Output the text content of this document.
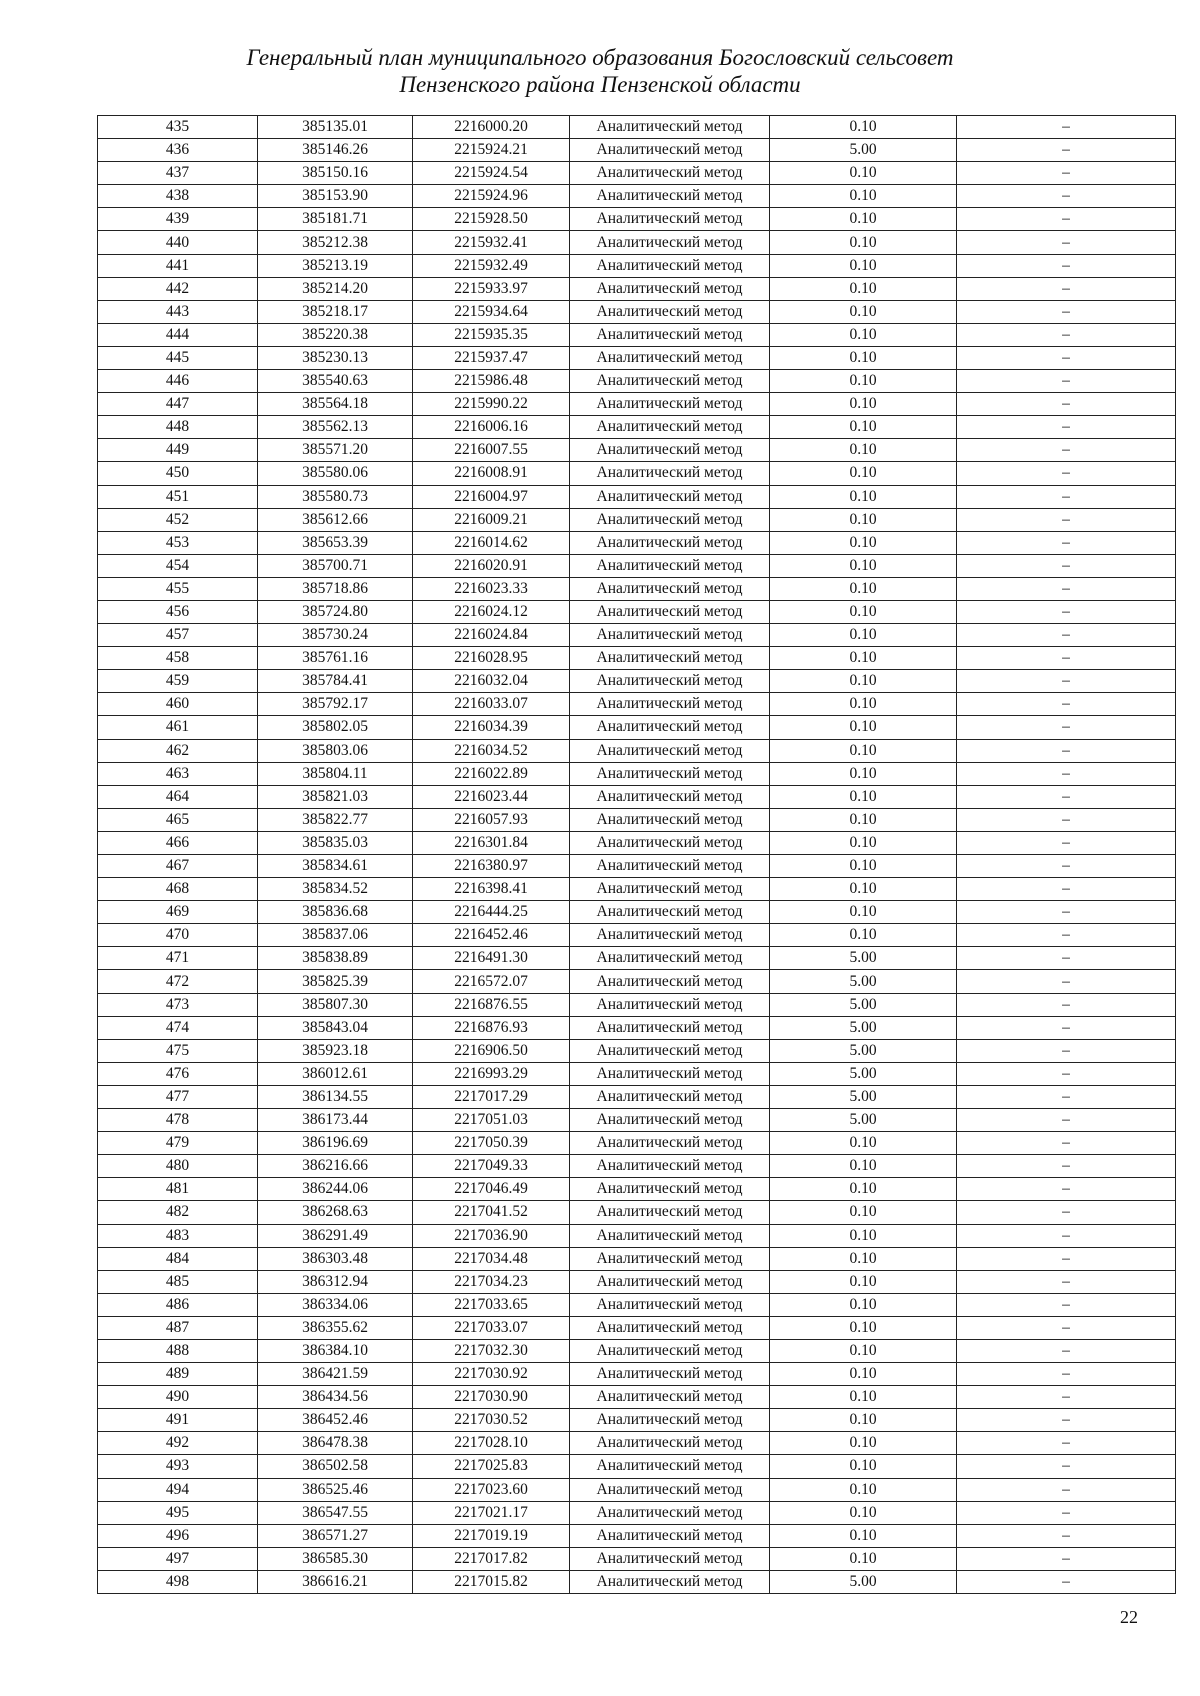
Генеральный план муниципального образования Богословский сельсовет
Пензенского района Пензенской области
435	385135.01	2216000.20	Аналитический метод	0.10	–
436	385146.26	2215924.21	Аналитический метод	5.00	–
437	385150.16	2215924.54	Аналитический метод	0.10	–
438	385153.90	2215924.96	Аналитический метод	0.10	–
439	385181.71	2215928.50	Аналитический метод	0.10	–
440	385212.38	2215932.41	Аналитический метод	0.10	–
441	385213.19	2215932.49	Аналитический метод	0.10	–
442	385214.20	2215933.97	Аналитический метод	0.10	–
443	385218.17	2215934.64	Аналитический метод	0.10	–
444	385220.38	2215935.35	Аналитический метод	0.10	–
445	385230.13	2215937.47	Аналитический метод	0.10	–
446	385540.63	2215986.48	Аналитический метод	0.10	–
447	385564.18	2215990.22	Аналитический метод	0.10	–
448	385562.13	2216006.16	Аналитический метод	0.10	–
449	385571.20	2216007.55	Аналитический метод	0.10	–
450	385580.06	2216008.91	Аналитический метод	0.10	–
451	385580.73	2216004.97	Аналитический метод	0.10	–
452	385612.66	2216009.21	Аналитический метод	0.10	–
453	385653.39	2216014.62	Аналитический метод	0.10	–
454	385700.71	2216020.91	Аналитический метод	0.10	–
455	385718.86	2216023.33	Аналитический метод	0.10	–
456	385724.80	2216024.12	Аналитический метод	0.10	–
457	385730.24	2216024.84	Аналитический метод	0.10	–
458	385761.16	2216028.95	Аналитический метод	0.10	–
459	385784.41	2216032.04	Аналитический метод	0.10	–
460	385792.17	2216033.07	Аналитический метод	0.10	–
461	385802.05	2216034.39	Аналитический метод	0.10	–
462	385803.06	2216034.52	Аналитический метод	0.10	–
463	385804.11	2216022.89	Аналитический метод	0.10	–
464	385821.03	2216023.44	Аналитический метод	0.10	–
465	385822.77	2216057.93	Аналитический метод	0.10	–
466	385835.03	2216301.84	Аналитический метод	0.10	–
467	385834.61	2216380.97	Аналитический метод	0.10	–
468	385834.52	2216398.41	Аналитический метод	0.10	–
469	385836.68	2216444.25	Аналитический метод	0.10	–
470	385837.06	2216452.46	Аналитический метод	0.10	–
471	385838.89	2216491.30	Аналитический метод	5.00	–
472	385825.39	2216572.07	Аналитический метод	5.00	–
473	385807.30	2216876.55	Аналитический метод	5.00	–
474	385843.04	2216876.93	Аналитический метод	5.00	–
475	385923.18	2216906.50	Аналитический метод	5.00	–
476	386012.61	2216993.29	Аналитический метод	5.00	–
477	386134.55	2217017.29	Аналитический метод	5.00	–
478	386173.44	2217051.03	Аналитический метод	5.00	–
479	386196.69	2217050.39	Аналитический метод	0.10	–
480	386216.66	2217049.33	Аналитический метод	0.10	–
481	386244.06	2217046.49	Аналитический метод	0.10	–
482	386268.63	2217041.52	Аналитический метод	0.10	–
483	386291.49	2217036.90	Аналитический метод	0.10	–
484	386303.48	2217034.48	Аналитический метод	0.10	–
485	386312.94	2217034.23	Аналитический метод	0.10	–
486	386334.06	2217033.65	Аналитический метод	0.10	–
487	386355.62	2217033.07	Аналитический метод	0.10	–
488	386384.10	2217032.30	Аналитический метод	0.10	–
489	386421.59	2217030.92	Аналитический метод	0.10	–
490	386434.56	2217030.90	Аналитический метод	0.10	–
491	386452.46	2217030.52	Аналитический метод	0.10	–
492	386478.38	2217028.10	Аналитический метод	0.10	–
493	386502.58	2217025.83	Аналитический метод	0.10	–
494	386525.46	2217023.60	Аналитический метод	0.10	–
495	386547.55	2217021.17	Аналитический метод	0.10	–
496	386571.27	2217019.19	Аналитический метод	0.10	–
497	386585.30	2217017.82	Аналитический метод	0.10	–
498	386616.21	2217015.82	Аналитический метод	5.00	–
22
